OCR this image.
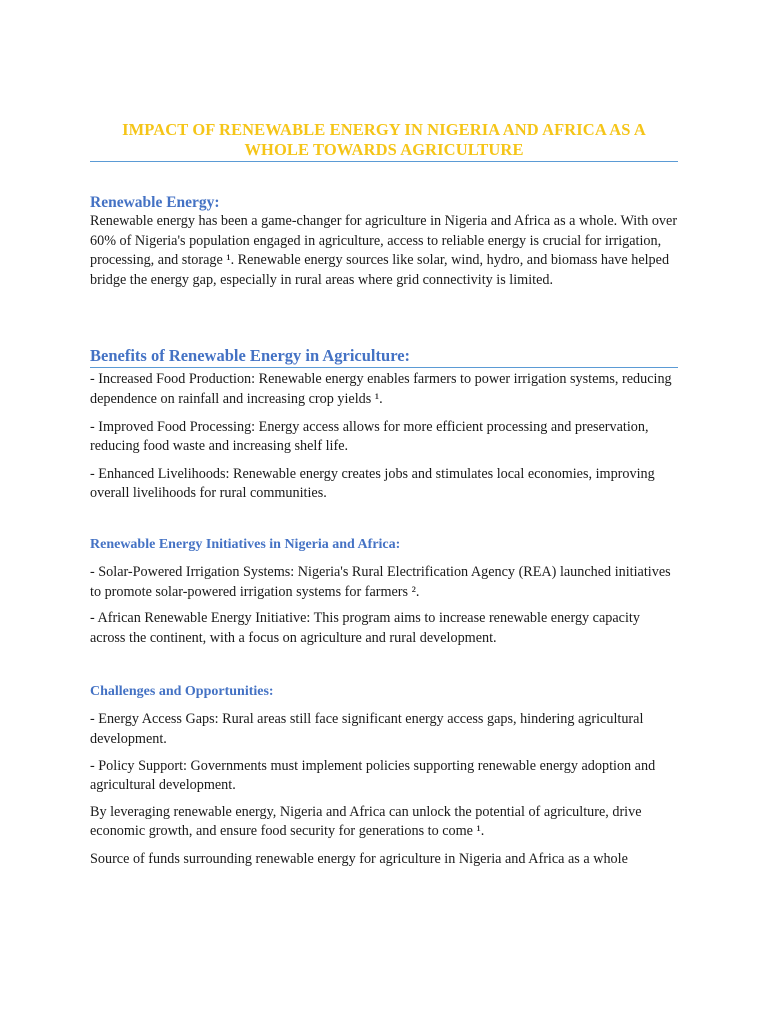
IMPACT OF RENEWABLE ENERGY IN NIGERIA AND AFRICA AS A WHOLE TOWARDS AGRICULTURE
Renewable Energy:

Renewable energy has been a game-changer for agriculture in Nigeria and Africa as a whole. With over 60% of Nigeria's population engaged in agriculture, access to reliable energy is crucial for irrigation, processing, and storage ¹. Renewable energy sources like solar, wind, hydro, and biomass have helped bridge the energy gap, especially in rural areas where grid connectivity is limited.

Benefits of Renewable Energy in Agriculture:

- Increased Food Production: Renewable energy enables farmers to power irrigation systems, reducing dependence on rainfall and increasing crop yields ¹.

- Improved Food Processing: Energy access allows for more efficient processing and preservation, reducing food waste and increasing shelf life.

- Enhanced Livelihoods: Renewable energy creates jobs and stimulates local economies, improving overall livelihoods for rural communities.

Renewable Energy Initiatives in Nigeria and Africa:

- Solar-Powered Irrigation Systems: Nigeria's Rural Electrification Agency (REA) launched initiatives to promote solar-powered irrigation systems for farmers ².

- African Renewable Energy Initiative: This program aims to increase renewable energy capacity across the continent, with a focus on agriculture and rural development.

Challenges and Opportunities:

- Energy Access Gaps: Rural areas still face significant energy access gaps, hindering agricultural development.

- Policy Support: Governments must implement policies supporting renewable energy adoption and agricultural development.

By leveraging renewable energy, Nigeria and Africa can unlock the potential of agriculture, drive economic growth, and ensure food security for generations to come ¹.

Source of funds surrounding renewable energy for agriculture in Nigeria and Africa as a whole
